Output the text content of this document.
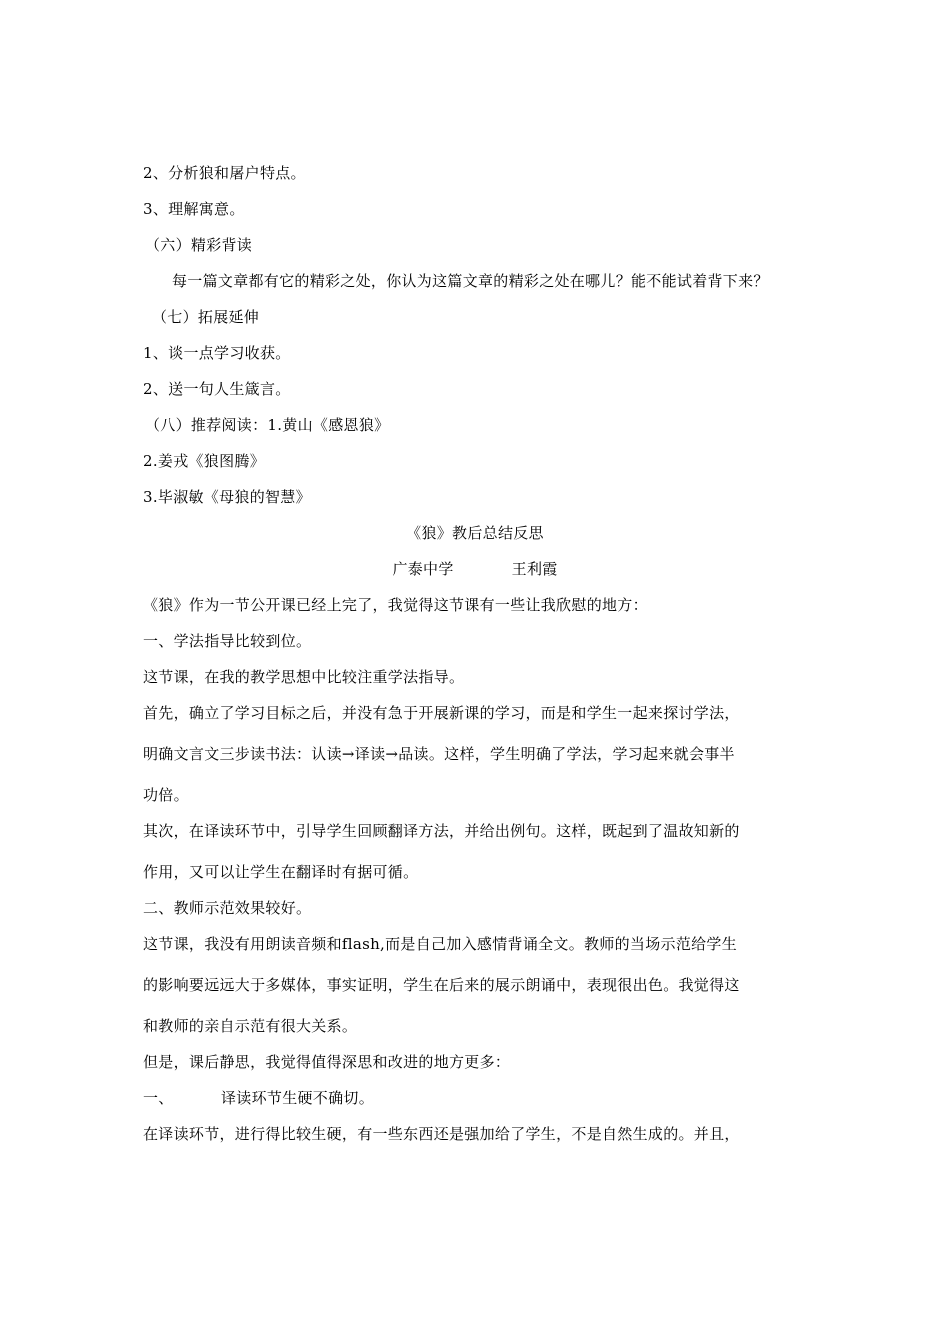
2、分析狼和屠户特点。
3、理解寓意。
（六）精彩背读
每一篇文章都有它的精彩之处，你认为这篇文章的精彩之处在哪儿？能不能试着背下来？
（七）拓展延伸
1、谈一点学习收获。
2、送一句人生箴言。
（八）推荐阅读：1.黄山《感恩狼》
2.姜戎《狼图腾》
3.毕淑敏《母狼的智慧》
《狼》教后总结反思
广泰中学	王利霞
《狼》作为一节公开课已经上完了，我觉得这节课有一些让我欣慰的地方：
一、学法指导比较到位。
这节课，在我的教学思想中比较注重学法指导。
首先，确立了学习目标之后，并没有急于开展新课的学习，而是和学生一起来探讨学法，
明确文言文三步读书法：认读→译读→品读。这样，学生明确了学法，学习起来就会事半
功倍。
其次，在译读环节中，引导学生回顾翻译方法，并给出例句。这样，既起到了温故知新的
作用，又可以让学生在翻译时有据可循。
二、教师示范效果较好。
这节课，我没有用朗读音频和flash,而是自己加入感情背诵全文。教师的当场示范给学生
的影响要远远大于多媒体，事实证明，学生在后来的展示朗诵中，表现很出色。我觉得这
和教师的亲自示范有很大关系。
但是，课后静思，我觉得值得深思和改进的地方更多：
一、	译读环节生硬不确切。
在译读环节，进行得比较生硬，有一些东西还是强加给了学生，不是自然生成的。并且，
